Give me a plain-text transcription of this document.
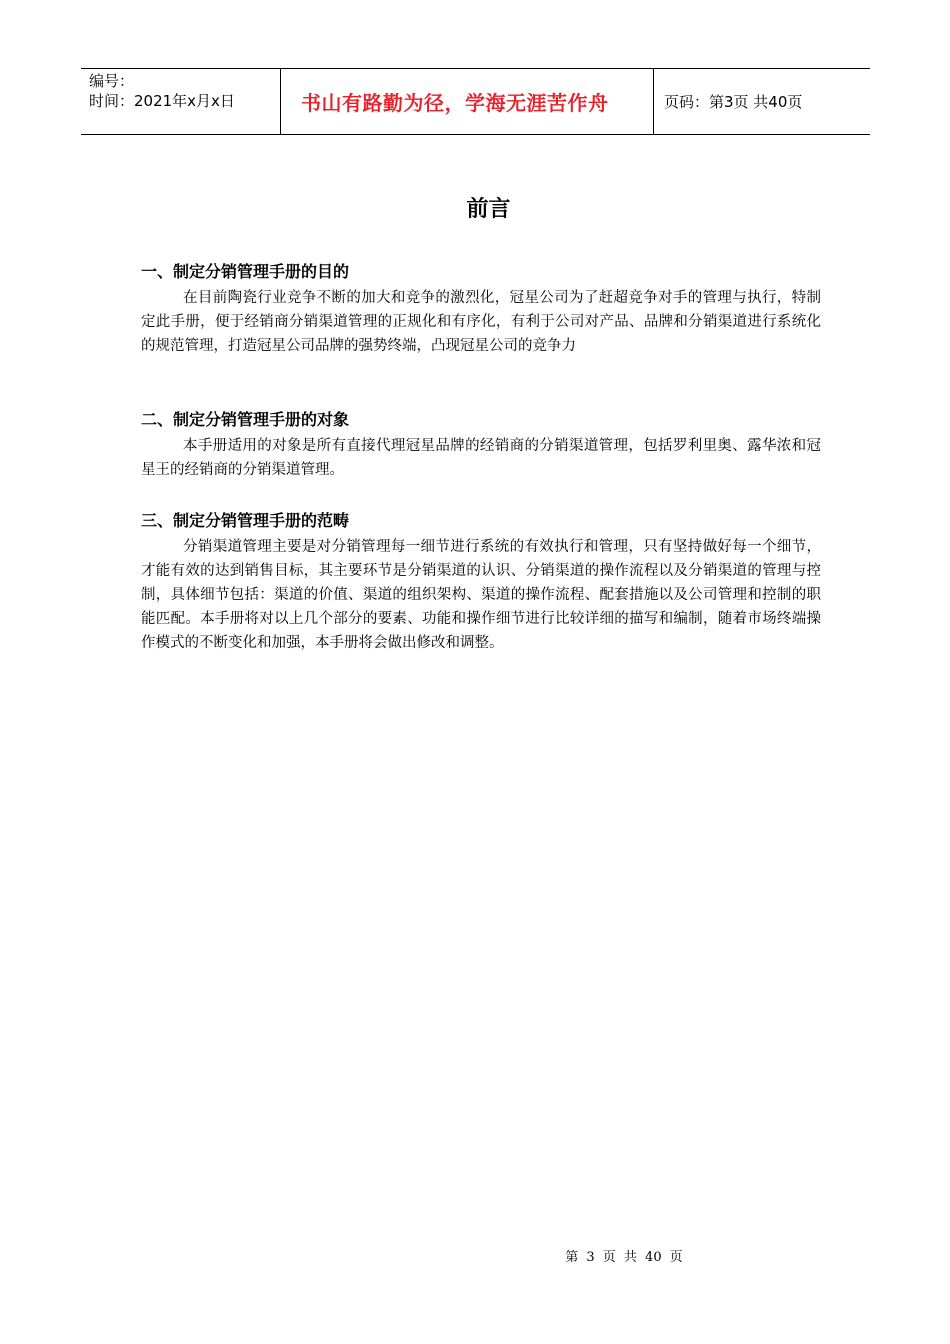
编号：
时间：2021年x月x日	书山有路勤为径，学海无涯苦作舟	页码：第3页 共40页
前言
一、制定分销管理手册的目的

在目前陶瓷行业竞争不断的加大和竞争的激烈化，冠星公司为了赶超竞争对手的管理与执行，特制定此手册，便于经销商分销渠道管理的正规化和有序化，有利于公司对产品、品牌和分销渠道进行系统化的规范管理，打造冠星公司品牌的强势终端，凸现冠星公司的竞争力

二、制定分销管理手册的对象

本手册适用的对象是所有直接代理冠星品牌的经销商的分销渠道管理，包括罗利里奥、露华浓和冠星王的经销商的分销渠道管理。

三、制定分销管理手册的范畴

分销渠道管理主要是对分销管理每一细节进行系统的有效执行和管理，只有坚持做好每一个细节，才能有效的达到销售目标，其主要环节是分销渠道的认识、分销渠道的操作流程以及分销渠道的管理与控制，具体细节包括：渠道的价值、渠道的组织架构、渠道的操作流程、配套措施以及公司管理和控制的职能匹配。本手册将对以上几个部分的要素、功能和操作细节进行比较详细的描写和编制，随着市场终端操作模式的不断变化和加强，本手册将会做出修改和调整。

第 3 页 共 40 页
